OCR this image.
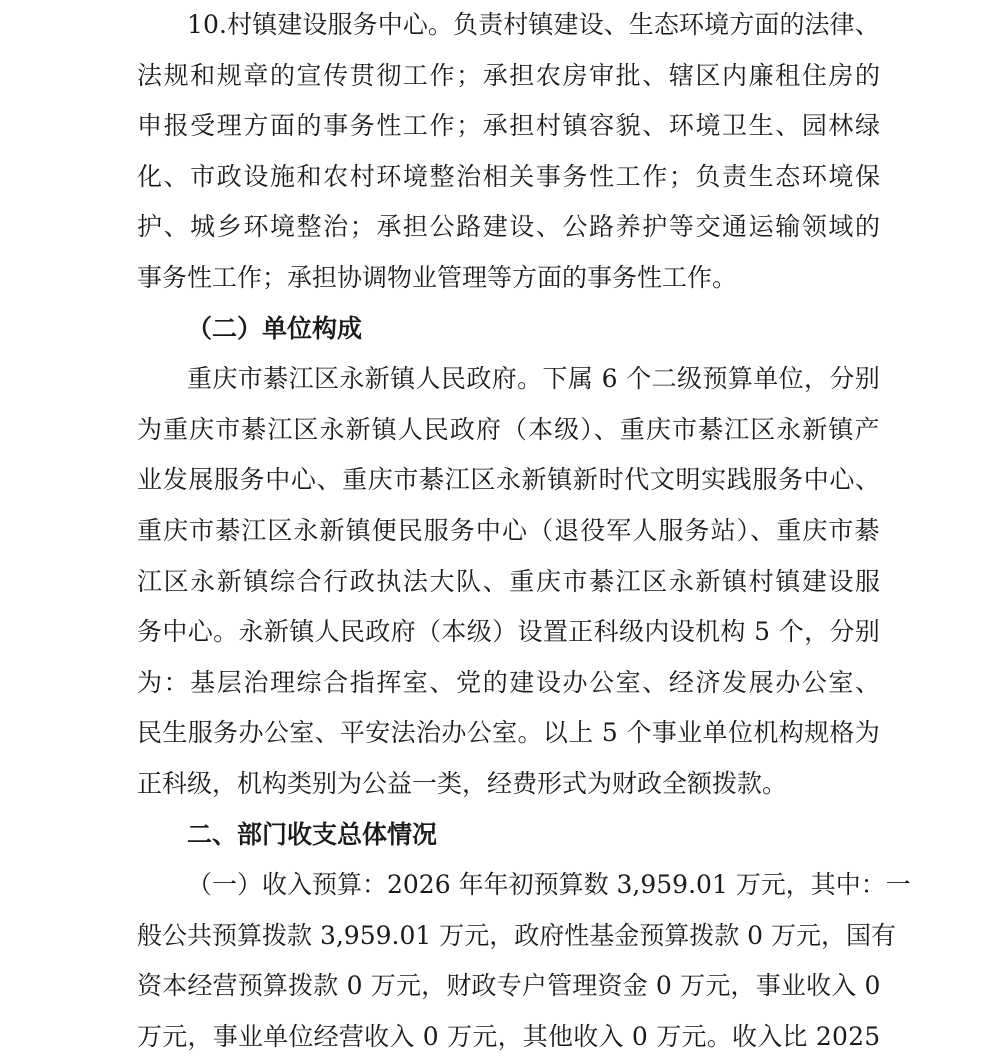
10.村镇建设服务中心。负责村镇建设、生态环境方面的法律、
法规和规章的宣传贯彻工作；承担农房审批、辖区内廉租住房的
申报受理方面的事务性工作；承担村镇容貌、环境卫生、园林绿
化、市政设施和农村环境整治相关事务性工作；负责生态环境保
护、城乡环境整治；承担公路建设、公路养护等交通运输领域的
事务性工作；承担协调物业管理等方面的事务性工作。
（二）单位构成
重庆市綦江区永新镇人民政府。下属 6 个二级预算单位，分别
为重庆市綦江区永新镇人民政府（本级）、重庆市綦江区永新镇产
业发展服务中心、重庆市綦江区永新镇新时代文明实践服务中心、
重庆市綦江区永新镇便民服务中心（退役军人服务站）、重庆市綦
江区永新镇综合行政执法大队、重庆市綦江区永新镇村镇建设服
务中心。永新镇人民政府（本级）设置正科级内设机构 5 个，分别
为：基层治理综合指挥室、党的建设办公室、经济发展办公室、
民生服务办公室、平安法治办公室。以上 5 个事业单位机构规格为
正科级，机构类别为公益一类，经费形式为财政全额拨款。
二、部门收支总体情况
（一）收入预算：2026 年年初预算数 3,959.01 万元，其中：一
般公共预算拨款 3,959.01 万元，政府性基金预算拨款 0 万元，国有
资本经营预算拨款 0 万元，财政专户管理资金 0 万元，事业收入 0
万元，事业单位经营收入 0 万元，其他收入 0 万元。收入比 2025
